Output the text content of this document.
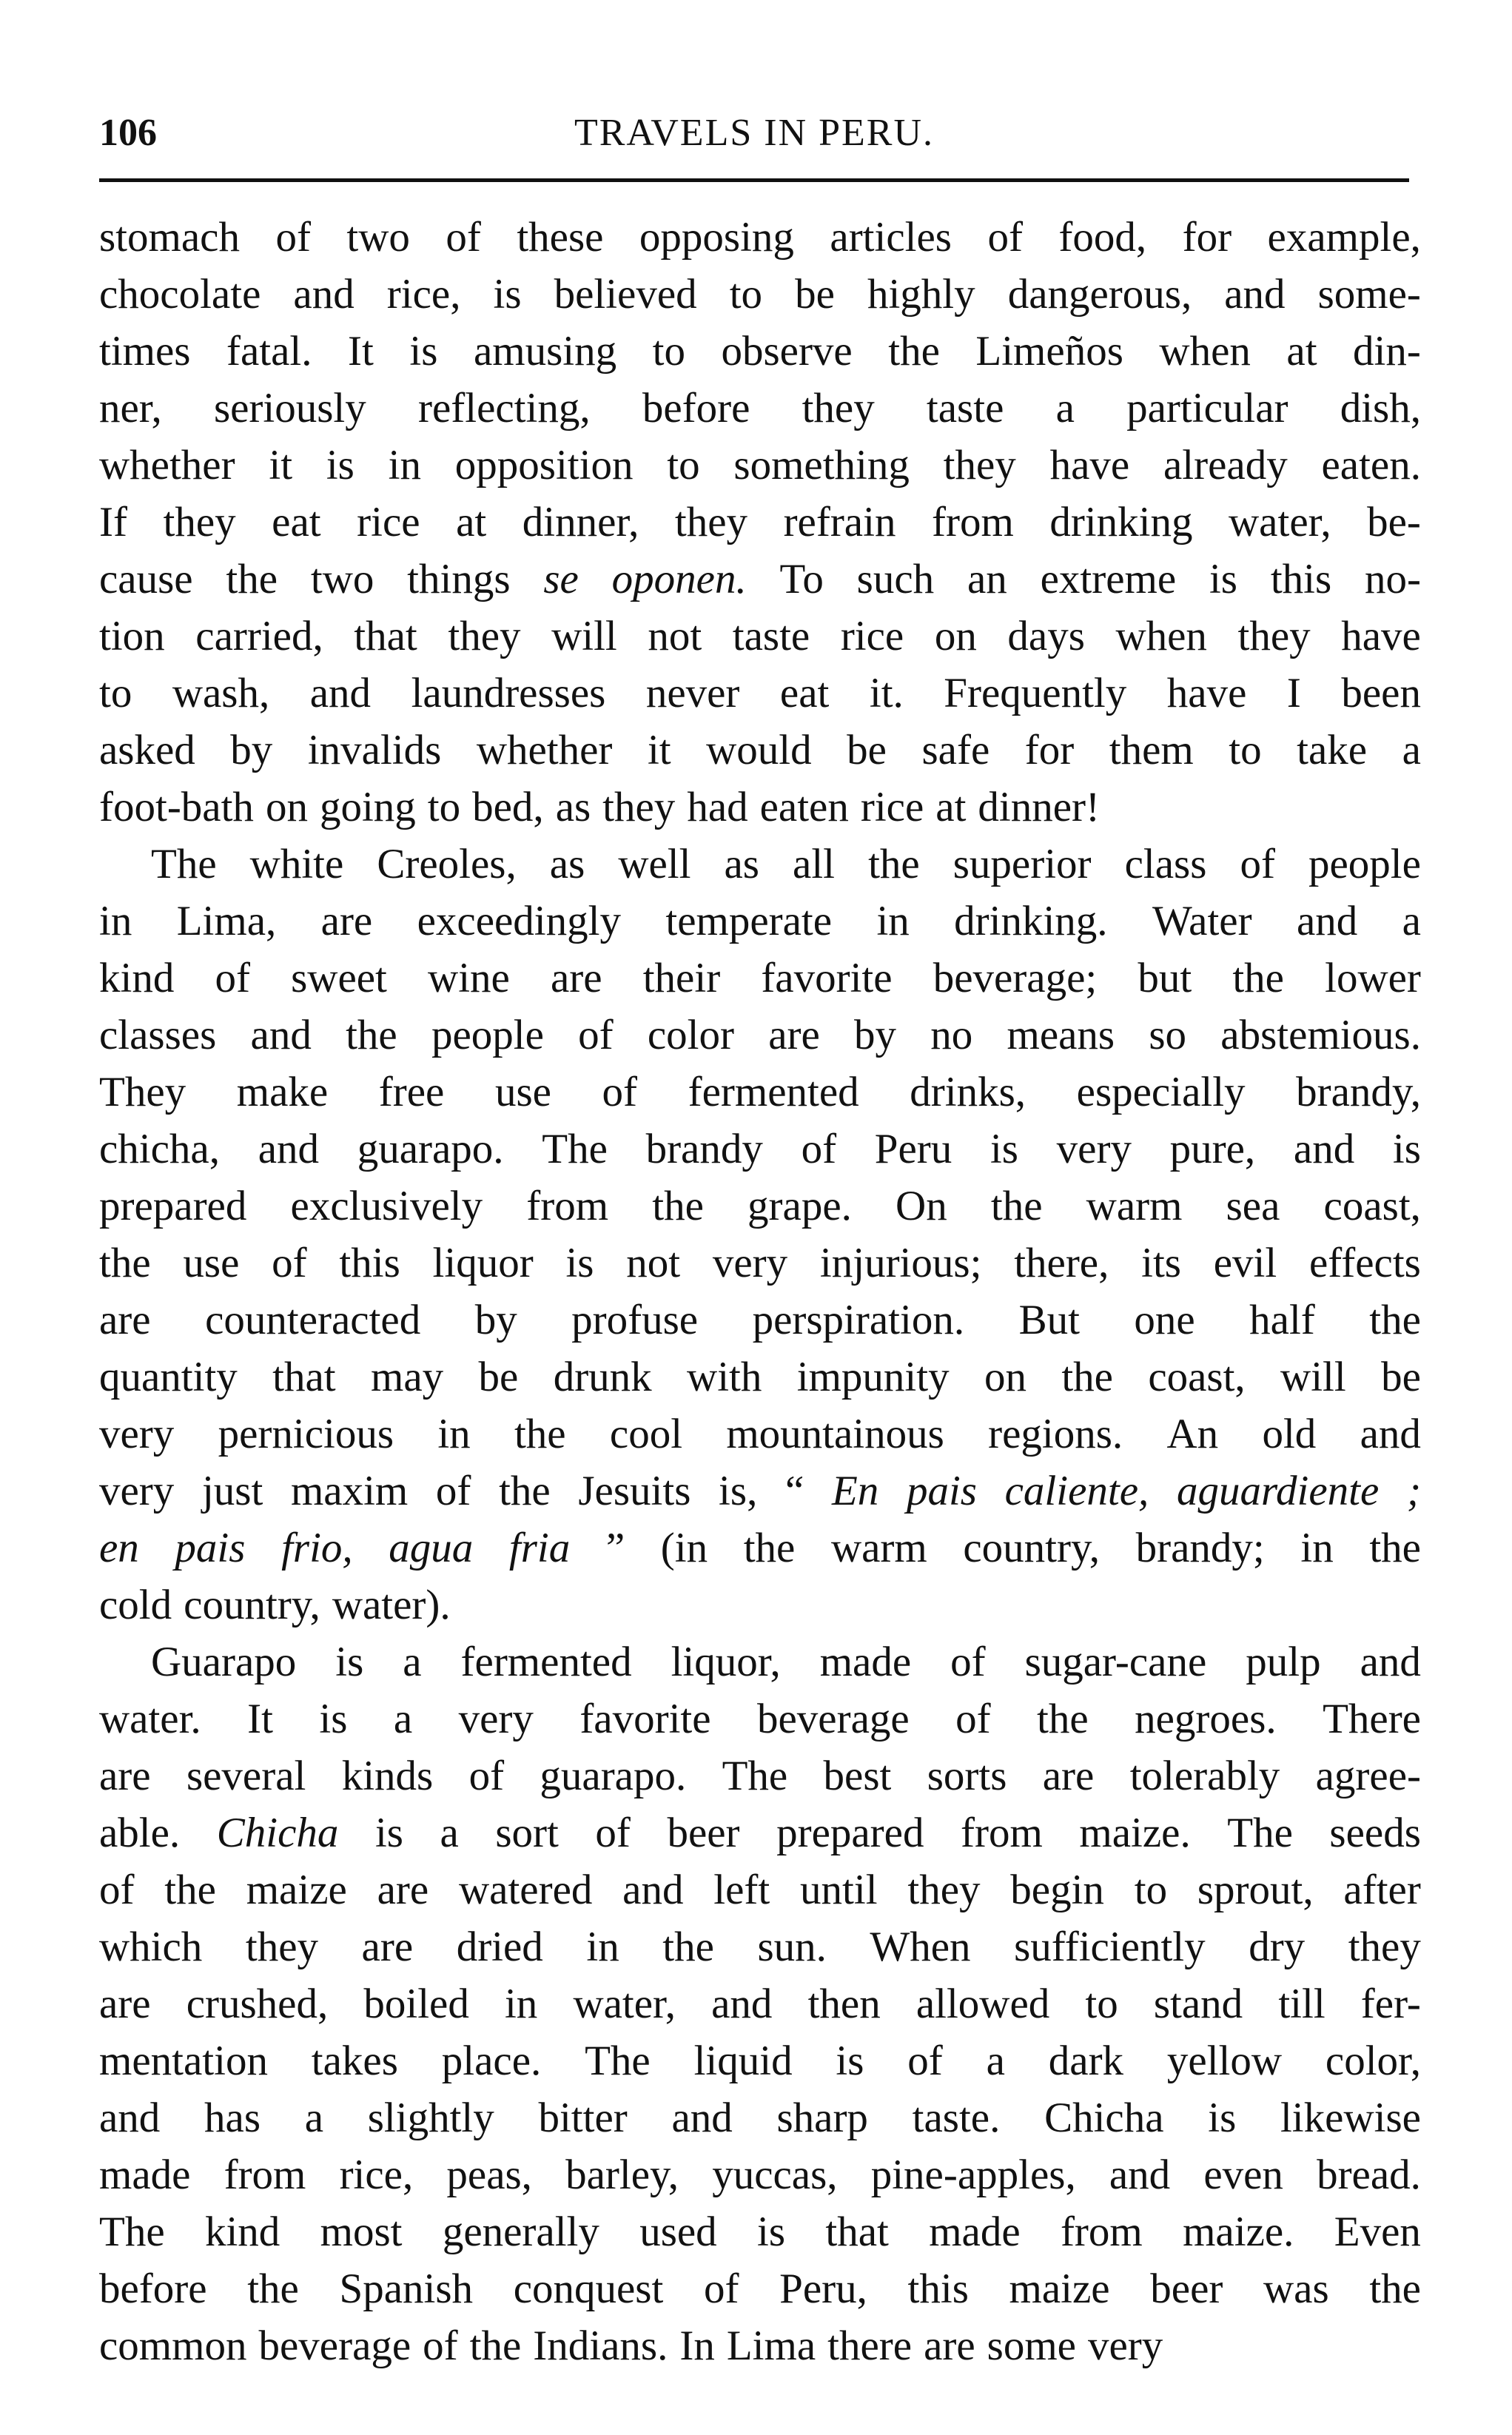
106	TRAVELS IN PERU.
stomach of two of these opposing articles of food, for example,
chocolate and rice, is believed to be highly dangerous, and some-
times fatal. It is amusing to observe the Limeños when at din-
ner, seriously reflecting, before they taste a particular dish,
whether it is in opposition to something they have already eaten.
If they eat rice at dinner, they refrain from drinking water, be-
cause the two things se oponen. To such an extreme is this no-
tion carried, that they will not taste rice on days when they have
to wash, and laundresses never eat it. Frequently have I been
asked by invalids whether it would be safe for them to take a
foot-bath on going to bed, as they had eaten rice at dinner!
The white Creoles, as well as all the superior class of people
in Lima, are exceedingly temperate in drinking. Water and a
kind of sweet wine are their favorite beverage; but the lower
classes and the people of color are by no means so abstemious.
They make free use of fermented drinks, especially brandy,
chicha, and guarapo. The brandy of Peru is very pure, and is
prepared exclusively from the grape. On the warm sea coast,
the use of this liquor is not very injurious; there, its evil effects
are counteracted by profuse perspiration. But one half the
quantity that may be drunk with impunity on the coast, will be
very pernicious in the cool mountainous regions. An old and
very just maxim of the Jesuits is, “ En pais caliente, aguardiente ;
en pais frio, agua fria ” (in the warm country, brandy; in the
cold country, water).
Guarapo is a fermented liquor, made of sugar-cane pulp and
water. It is a very favorite beverage of the negroes. There
are several kinds of guarapo. The best sorts are tolerably agree-
able. Chicha is a sort of beer prepared from maize. The seeds
of the maize are watered and left until they begin to sprout, after
which they are dried in the sun. When sufficiently dry they
are crushed, boiled in water, and then allowed to stand till fer-
mentation takes place. The liquid is of a dark yellow color,
and has a slightly bitter and sharp taste. Chicha is likewise
made from rice, peas, barley, yuccas, pine-apples, and even bread.
The kind most generally used is that made from maize. Even
before the Spanish conquest of Peru, this maize beer was the
common beverage of the Indians. In Lima there are some very
